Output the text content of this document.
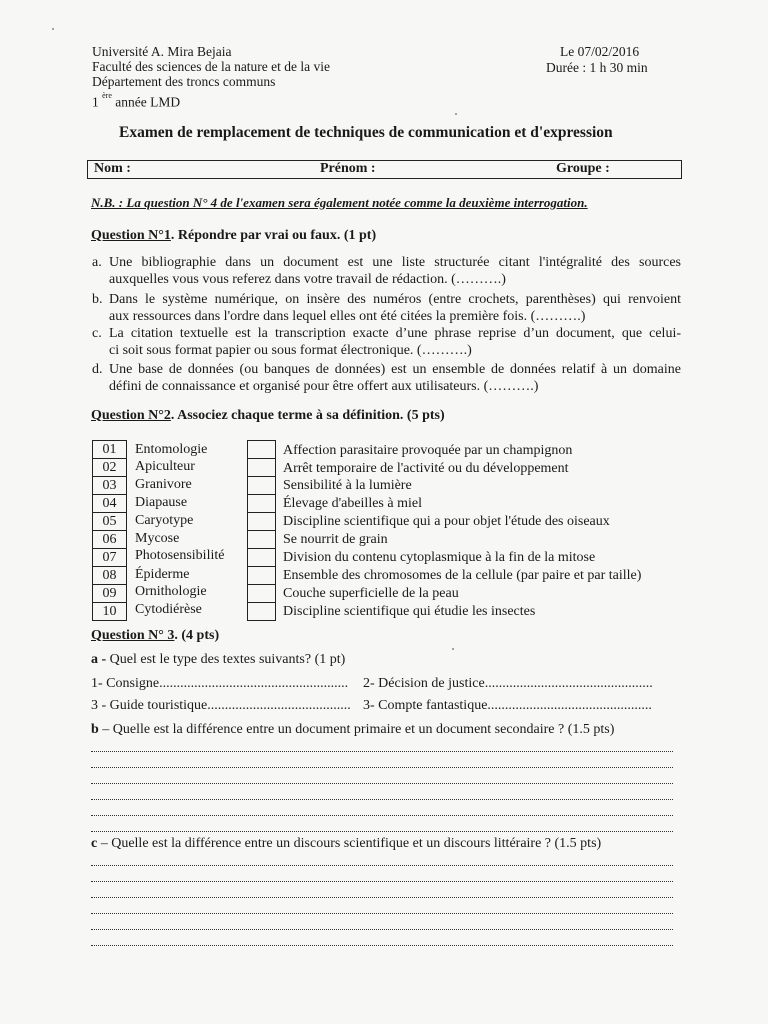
Université A. Mira Bejaia
Faculté des sciences de la nature et de la vie
Département des troncs communs
1 $^{ère}$ année LMD
Le 07/02/2016
Durée : 1 h 30 min
Examen de remplacement de techniques de communication et d'expression
Nom :	Prénom :	Groupe :
N.B. : La question N° 4 de l'examen sera également notée comme la deuxième interrogation.
Question N°1. Répondre par vrai ou faux. (1 pt)
a. Une bibliographie dans un document est une liste structurée citant l'intégralité des sources
auxquelles vous vous referez dans votre travail de rédaction. (……….)
b. Dans le système numérique, on insère des numéros (entre crochets, parenthèses) qui renvoient
aux ressources dans l'ordre dans lequel elles ont été citées la première fois. (……….)
c. La citation textuelle est la transcription exacte d’une phrase reprise d’un document, que celui-
ci soit sous format papier ou sous format électronique. (……….)
d. Une base de données (ou banques de données) est un ensemble de données relatif à un domaine
défini de connaissance et organisé pour être offert aux utilisateurs. (……….)
Question N°2. Associez chaque terme à sa définition. (5 pts)
01	Entomologie	Affection parasitaire provoquée par un champignon
02	Apiculteur	Arrêt temporaire de l'activité ou du développement
03	Granivore	Sensibilité à la lumière
04	Diapause	Élevage d'abeilles à miel
05	Caryotype	Discipline scientifique qui a pour objet l'étude des oiseaux
06	Mycose	Se nourrit de grain
07	Photosensibilité	Division du contenu cytoplasmique à la fin de la mitose
08	Épiderme	Ensemble des chromosomes de la cellule (par paire et par taille)
09	Ornithologie	Couche superficielle de la peau
10	Cytodiérèse	Discipline scientifique qui étudie les insectes
Question N° 3. (4 pts)
a - Quel est le type des textes suivants? (1 pt)
1- Consigne...................................................... 2- Décision de justice................................................
3 - Guide touristique......................................... 3- Compte fantastique...............................................
b – Quelle est la différence entre un document primaire et un document secondaire ? (1.5 pts)
c – Quelle est la différence entre un discours scientifique et un discours littéraire ? (1.5 pts)
